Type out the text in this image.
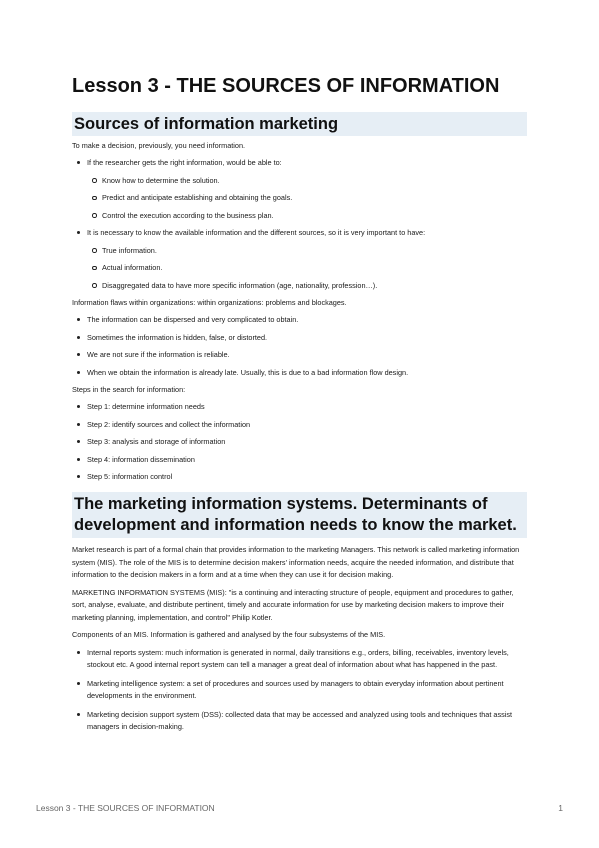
Lesson 3 - THE SOURCES OF INFORMATION
Sources of information marketing

To make a decision, previously, you need information.

If the researcher gets the right information, would be able to:
Know how to determine the solution.
Predict and anticipate establishing and obtaining the goals.
Control the execution according to the business plan.
It is necessary to know the available information and the different sources, so it is very important to have:
True information.
Actual information.
Disaggregated data to have more specific information (age, nationality, profession…).

Information flaws within organizations: within organizations: problems and blockages.

The information can be dispersed and very complicated to obtain.
Sometimes the information is hidden, false, or distorted.
We are not sure if the information is reliable.
When we obtain the information is already late. Usually, this is due to a bad information flow design.

Steps in the search for information:

Step 1: determine information needs
Step 2: identify sources and collect the information
Step 3: analysis and storage of information
Step 4: information dissemination
Step 5: information control
The marketing information systems. Determinants of development and information needs to know the market.

Market research is part of a formal chain that provides information to the marketing Managers. This network is called marketing information system (MIS). The role of the MIS is to determine decision makers' information needs, acquire the needed information, and distribute that information to the decision makers in a form and at a time when they can use it for decision making.

MARKETING INFORMATION SYSTEMS (MIS): "is a continuing and interacting structure of people, equipment and procedures to gather, sort, analyse, evaluate, and distribute pertinent, timely and accurate information for use by marketing decision makers to improve their marketing planning, implementation, and control" Philip Kotler.

Components of an MIS. Information is gathered and analysed by the four subsystems of the MIS.

Internal reports system: much information is generated in normal, daily transitions e.g., orders, billing, receivables, inventory levels, stockout etc. A good internal report system can tell a manager a great deal of information about what has happened in the past.
Marketing intelligence system: a set of procedures and sources used by managers to obtain everyday information about pertinent developments in the environment.
Marketing decision support system (DSS): collected data that may be accessed and analyzed using tools and techniques that assist managers in decision-making.
Lesson 3 - THE SOURCES OF INFORMATION	1
